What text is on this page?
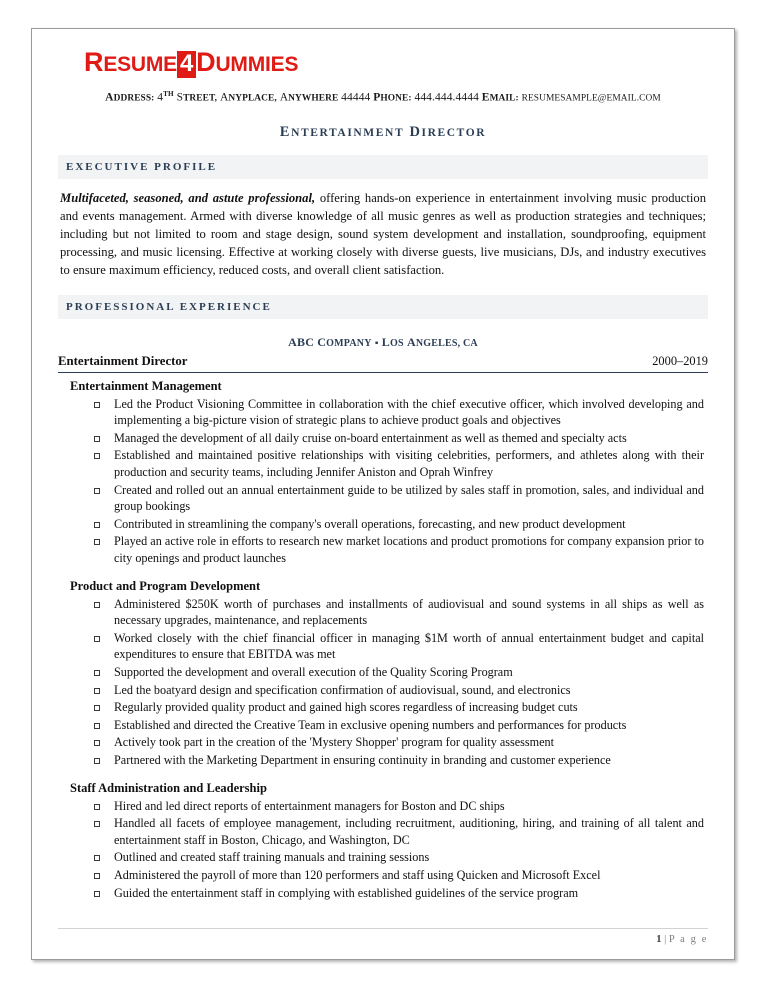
RESUME 4 DUMMIES
ADDRESS: 4TH STREET, ANYPLACE, ANYWHERE 44444 PHONE: 444.444.4444 EMAIL: RESUMESAMPLE@EMAIL.COM
ENTERTAINMENT DIRECTOR
EXECUTIVE PROFILE

Multifaceted, seasoned, and astute professional, offering hands-on experience in entertainment involving music production and events management. Armed with diverse knowledge of all music genres as well as production strategies and techniques; including but not limited to room and stage design, sound system development and installation, soundproofing, equipment processing, and music licensing. Effective at working closely with diverse guests, live musicians, DJs, and industry executives to ensure maximum efficiency, reduced costs, and overall client satisfaction.

PROFESSIONAL EXPERIENCE
ABC COMPANY ▪ LOS ANGELES, CA
Entertainment Director	2000–2019
Entertainment Management
Led the Product Visioning Committee in collaboration with the chief executive officer, which involved developing and implementing a big-picture vision of strategic plans to achieve product goals and objectives
Managed the development of all daily cruise on-board entertainment as well as themed and specialty acts
Established and maintained positive relationships with visiting celebrities, performers, and athletes along with their production and security teams, including Jennifer Aniston and Oprah Winfrey
Created and rolled out an annual entertainment guide to be utilized by sales staff in promotion, sales, and individual and group bookings
Contributed in streamlining the company's overall operations, forecasting, and new product development
Played an active role in efforts to research new market locations and product promotions for company expansion prior to city openings and product launches
Product and Program Development
Administered $250K worth of purchases and installments of audiovisual and sound systems in all ships as well as necessary upgrades, maintenance, and replacements
Worked closely with the chief financial officer in managing $1M worth of annual entertainment budget and capital expenditures to ensure that EBITDA was met
Supported the development and overall execution of the Quality Scoring Program
Led the boatyard design and specification confirmation of audiovisual, sound, and electronics
Regularly provided quality product and gained high scores regardless of increasing budget cuts
Established and directed the Creative Team in exclusive opening numbers and performances for products
Actively took part in the creation of the 'Mystery Shopper' program for quality assessment
Partnered with the Marketing Department in ensuring continuity in branding and customer experience
Staff Administration and Leadership
Hired and led direct reports of entertainment managers for Boston and DC ships
Handled all facets of employee management, including recruitment, auditioning, hiring, and training of all talent and entertainment staff in Boston, Chicago, and Washington, DC
Outlined and created staff training manuals and training sessions
Administered the payroll of more than 120 performers and staff using Quicken and Microsoft Excel
Guided the entertainment staff in complying with established guidelines of the service program
1 | P a g e
